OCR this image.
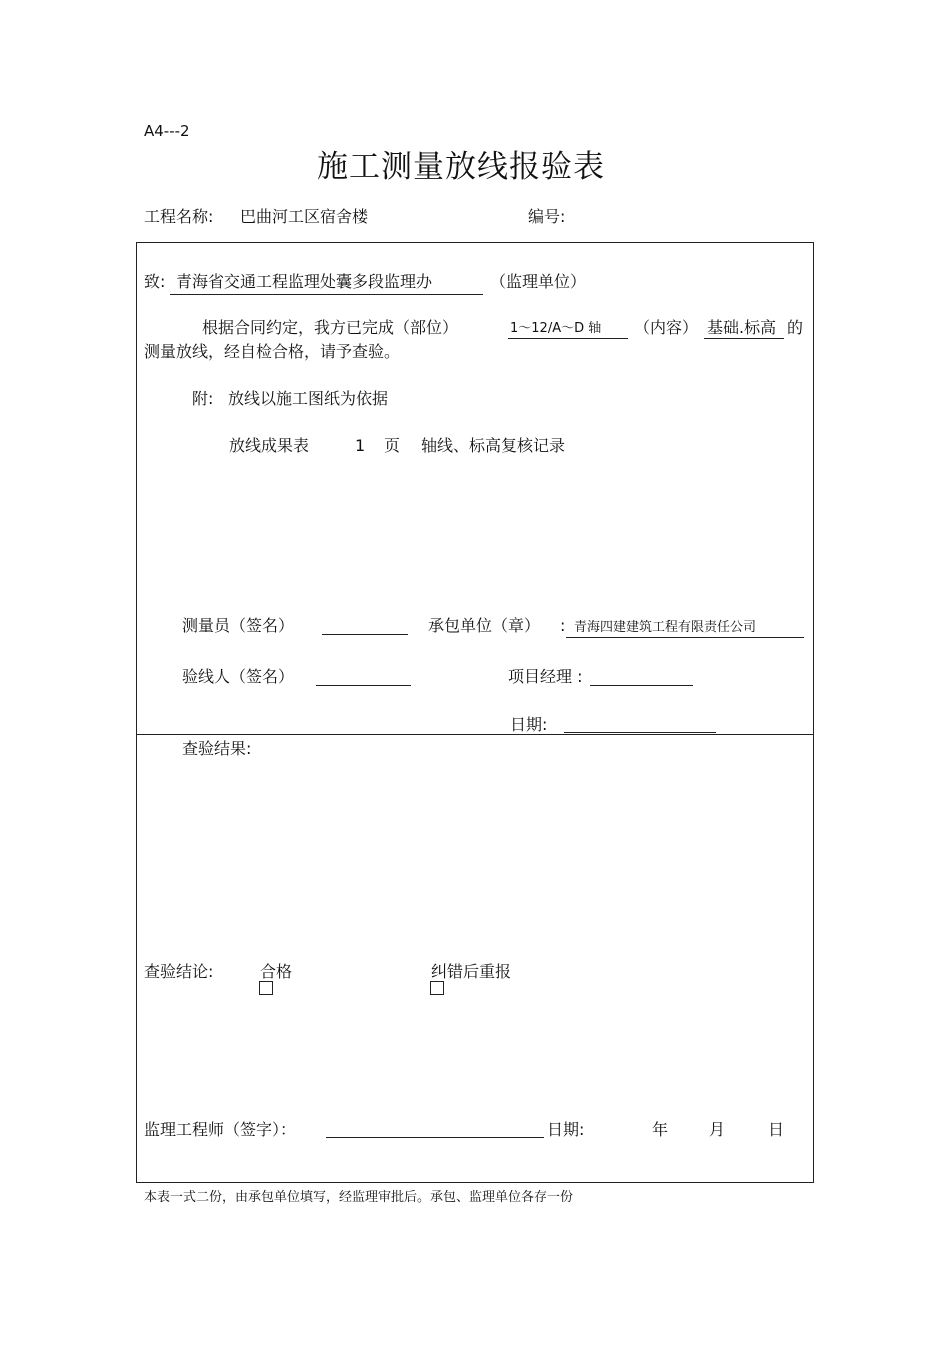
A4---2
施工测量放线报验表
工程名称: 巴曲河工区宿舍楼	编号:
致: 青海省交通工程监理处囊多段监理办	（监理单位）
根据合同约定，我方已完成（部位）	1～12/A～D 轴 （内容） 基础.标高 的
测量放线，经自检合格，请予查验。
附: 放线以施工图纸为依据
放线成果表	1 页 轴线、标高复核记录
测量员（签名）	承包单位（章） : 青海四建建筑工程有限责任公司
验线人（签名）	项目经理 :
日期:
查验结果:
查验结论:	合格	纠错后重报
监理工程师（签字）：	日期:	年	月	日
本表一式二份，由承包单位填写，经监理审批后。承包、监理单位各存一份
